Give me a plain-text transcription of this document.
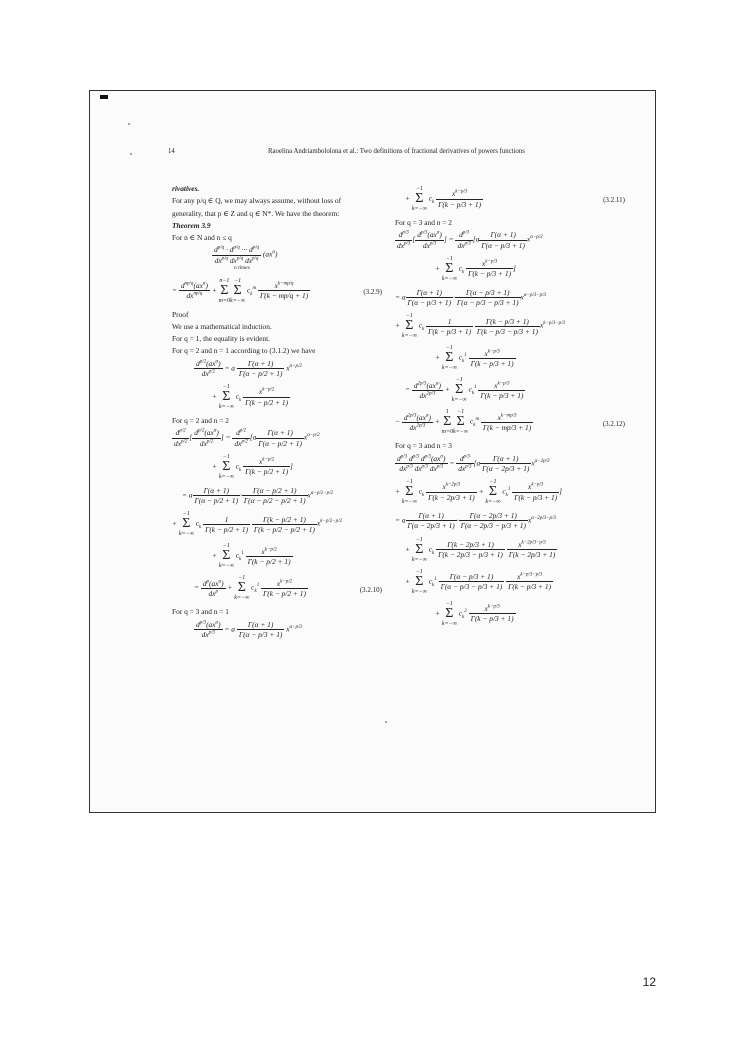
14	Raoelina Andriambololona et al.: Two definitions of fractional derivatives of powers functions

rivatives.

For any p/q ∈ Q, we may always assume, without loss of

generality, that p ∈ Z and q ∈ N*. We have the theorem:

Theorem 3.9

For n ∈ N and n ≤ q

$\frac{d^{p/q} \cdot d^{p/q} \cdot\cdot\cdot d^{p/q}}{dx^{p/q} dx^{p/q} dx^{p/q}} (ax^\alpha)$
n times
= $\frac{d^{np/q}(ax^\alpha)}{dx^{np/q}} + n-1$
Σ
m=0−1
Σ
k=−∞ $c_k^m \frac{x^{k-mp/q}}{\Gamma(k - mp/q + 1)}$	(3.2.9)

Proof

We use a mathematical induction.

For q = 1, the equality is evident.

For q = 2 and n = 1 according to (3.1.2) we have

$\frac{d^{p/2}(ax^\alpha)}{dx^{p/2}} = a \frac{\Gamma(\alpha + 1)}{\Gamma(\alpha - p/2 + 1)} x^{\alpha-p/2}$
+ −1
Σ
k=−∞ $c_k \frac{x^{k-p/2}}{\Gamma(k - p/2 + 1)}$

For q = 2 and n = 2

$\frac{d^{p/2}}{dx^{p/2}}$ [ $\frac{d^{p/2}(ax^\alpha)}{dx^{p/2}}$ ] = $\frac{d^{p/2}}{dx^{p/2}} [a \frac{\Gamma(\alpha + 1)}{\Gamma(\alpha - p/2 + 1)} x^{\alpha-p/2}$
+ −1
Σ
k=−∞ $c_k \frac{x^{k-p/2}}{\Gamma(k - p/2 + 1)}$ ]
= a $\frac{\Gamma(\alpha + 1)}{\Gamma(\alpha - p/2 + 1)} \cdot \frac{\Gamma(\alpha - p/2 + 1)}{\Gamma(\alpha - p/2 - p/2 + 1)} x^{\alpha-p/2-p/2}$
+ −1
Σ
k=−∞ $c_k \frac{1}{\Gamma(k - p/2 + 1)}$
$\frac{\Gamma(k - p/2 + 1)}{\Gamma(k - p/2 - p/2 + 1)} x^{k-p/2-p/2}$
+ −1
Σ
k=−∞ $c_k^1 \frac{x^{k-p/2}}{\Gamma(k - p/2 + 1)}$
= $\frac{d^p(ax^\alpha)}{dx^p} + -1$
Σ
k=−∞ $c_k^1 \frac{x^{k-p/2}}{\Gamma(k - p/2 + 1)}$	(3.2.10)

For q = 3 and n = 1

$\frac{d^{p/3}(ax^\alpha)}{dx^{p/3}} = a \frac{\Gamma(\alpha + 1)}{\Gamma(\alpha - p/3 + 1)} x^{\alpha-p/3}$
+ −1
Σ
k=−∞ $c_k \frac{x^{k-p/3}}{\Gamma(k - p/3 + 1)}$	(3.2.11)

For q = 3 and n = 2

$\frac{d^{p/3}}{dx^{p/3}}$ [ $\frac{d^{p/3}(ax^\alpha)}{dx^{p/3}}$ ] = $\frac{d^{p/3}}{dx^{p/3}} [a \frac{\Gamma(\alpha + 1)}{\Gamma(\alpha - p/3 + 1)} x^{\alpha-p/3}$
+ −1
Σ
k=−∞ $c_k \frac{x^{k-p/3}}{\Gamma(k - p/3 + 1)}$ ]
= a $\frac{\Gamma(\alpha + 1)}{\Gamma(\alpha - p/3 + 1)} \cdot \frac{\Gamma(\alpha - p/3 + 1)}{\Gamma(\alpha - p/3 - p/3 + 1)} x^{\alpha-p/3-p/3}$
+ −1
Σ
k=−∞ $c_k \frac{1}{\Gamma(k - p/3 + 1)}$
$\frac{\Gamma(k - p/3 + 1)}{\Gamma(k - p/3 - p/3 + 1)} x^{k-p/3-p/3}$
+ −1
Σ
k=−∞ $c_k^1 \frac{x^{k-p/3}}{\Gamma(k - p/3 + 1)}$
= $\frac{d^{2p/3}(ax^\alpha)}{dx^{2p/3}} + -1$
Σ
k=−∞ $c_k^1 \frac{x^{k-p/3}}{\Gamma(k - p/3 + 1)}$
− $\frac{d^{2p/3}(ax^\alpha)}{dx^{2p/3}} + 1$
Σ
m=0−1
Σ
k=−∞ $c_k^m \frac{x^{k-mp/3}}{\Gamma(k - mp/3 + 1)}$	(3.2.12)

For q = 3 and n = 3

$\frac{d^{p/3} d^{p/3} d^{p/3}(ax^\alpha)}{dx^{p/3} dx^{p/3} dx^{p/3}} = \frac{d^{p/3}}{dx^{p/3}} [a \frac{\Gamma(\alpha + 1)}{\Gamma(\alpha - 2p/3 + 1)} x^{\alpha-2p/3}$
+ −1
Σ
k=−∞ $c_k \frac{x^{k-2p/3}}{\Gamma(k - 2p/3 + 1)} + -1$
Σ
k=−∞ $c_k^1 \frac{x^{k-p/3}}{\Gamma(k - p/3 + 1)}$ ]
= a $\frac{\Gamma(\alpha + 1)}{\Gamma(\alpha - 2p/3 + 1)} \cdot \frac{\Gamma(\alpha - 2p/3 + 1)}{\Gamma(\alpha - 2p/3 - p/3 + 1)} x^{\alpha-2p/3-p/3}$
+ −1
Σ
k=−∞ $c_k \frac{\Gamma(k - 2p/3 + 1)}{\Gamma(k - 2p/3 - p/3 + 1)}$
$\frac{x^{k-2p/3-p/3}}{\Gamma(k - 2p/3 + 1)}$
+ −1
Σ
k=−∞ $c_k^1 \frac{\Gamma(\alpha - p/3 + 1)}{\Gamma(\alpha - p/3 - p/3 + 1)}$
$\frac{x^{k-p/3-p/3}}{\Gamma(k - p/3 + 1)}$
+ −1
Σ
k=−∞ $c_k^2 \frac{x^{k-p/3}}{\Gamma(k - p/3 + 1)}$
12
